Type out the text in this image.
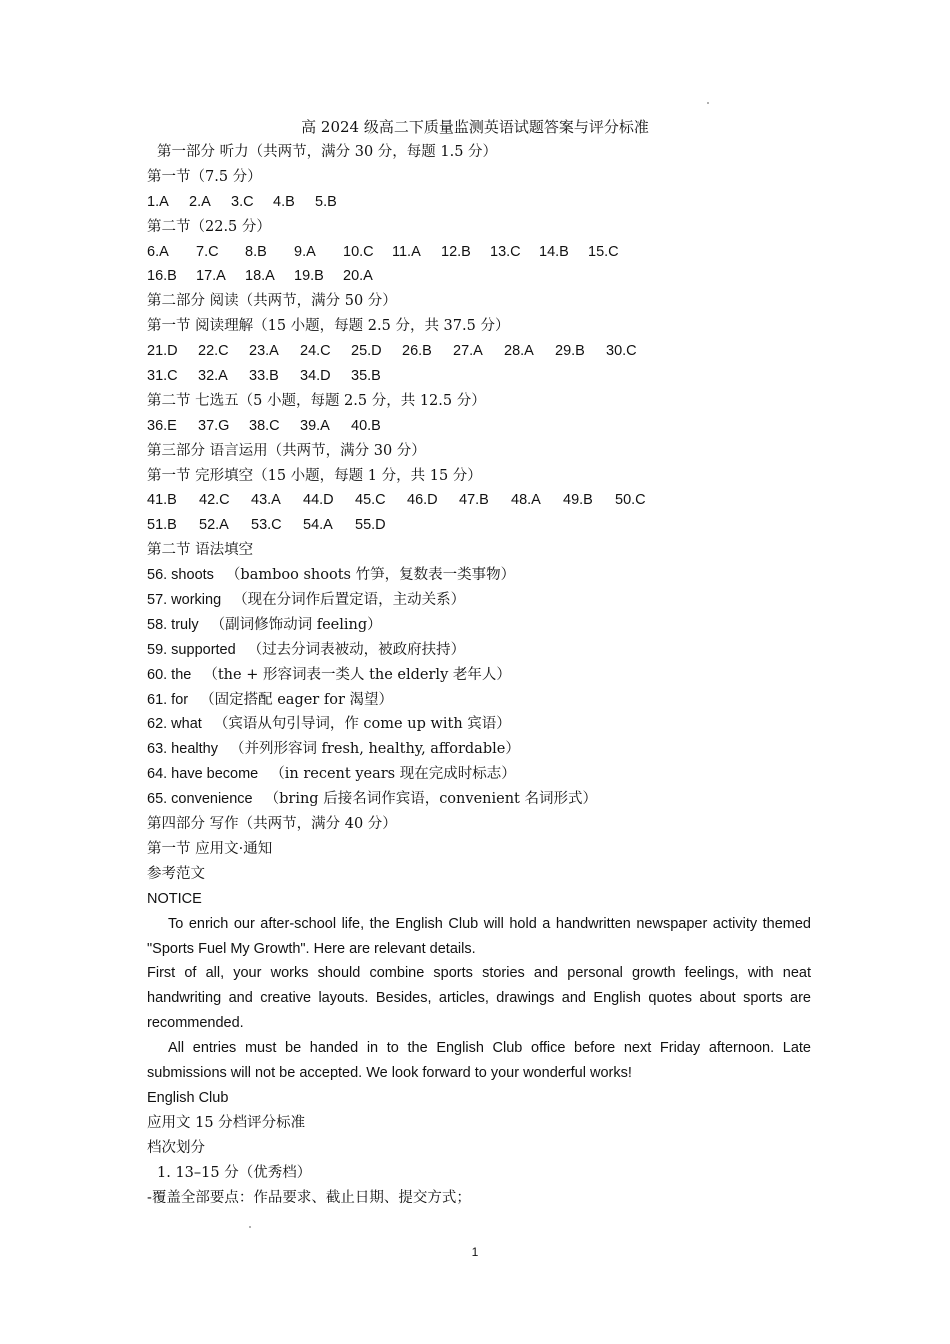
高 2024 级高二下质量监测英语试题答案与评分标准
第一部分 听力（共两节，满分 30 分，每题 1.5 分）
第一节（7.5 分）
1.A 2.A 3.C 4.B 5.B
第二节（22.5 分）
6.A 7.C 8.B 9.A 10.C 11.A 12.B 13.C 14.B 15.C
16.B 17.A 18.A 19.B 20.A
第二部分 阅读（共两节，满分 50 分）
第一节 阅读理解（15 小题，每题 2.5 分，共 37.5 分）
21.D 22.C 23.A 24.C 25.D 26.B 27.A 28.A 29.B 30.C
31.C 32.A 33.B 34.D 35.B
第二节 七选五（5 小题，每题 2.5 分，共 12.5 分）
36.E 37.G 38.C 39.A 40.B
第三部分 语言运用（共两节，满分 30 分）
第一节 完形填空（15 小题，每题 1 分，共 15 分）
41.B 42.C 43.A 44.D 45.C 46.D 47.B 48.A 49.B 50.C
51.B 52.A 53.C 54.A 55.D
第二节 语法填空
56. shoots （bamboo shoots 竹笋，复数表一类事物）
57. working （现在分词作后置定语，主动关系）
58. truly （副词修饰动词 feeling）
59. supported （过去分词表被动，被政府扶持）
60. the （the + 形容词表一类人 the elderly 老年人）
61. for （固定搭配 eager for 渴望）
62. what （宾语从句引导词，作 come up with 宾语）
63. healthy （并列形容词 fresh, healthy, affordable）
64. have become （in recent years 现在完成时标志）
65. convenience （bring 后接名词作宾语，convenient 名词形式）
第四部分 写作（共两节，满分 40 分）
第一节 应用文·通知
参考范文
NOTICE
To enrich our after-school life, the English Club will hold a handwritten newspaper activity themed "Sports Fuel My Growth". Here are relevant details.
First of all, your works should combine sports stories and personal growth feelings, with neat handwriting and creative layouts. Besides, articles, drawings and English quotes about sports are recommended.
All entries must be handed in to the English Club office before next Friday afternoon. Late submissions will not be accepted. We look forward to your wonderful works!
English Club
应用文 15 分档评分标准
档次划分
1. 13–15 分（优秀档）
-覆盖全部要点：作品要求、截止日期、提交方式；
1
